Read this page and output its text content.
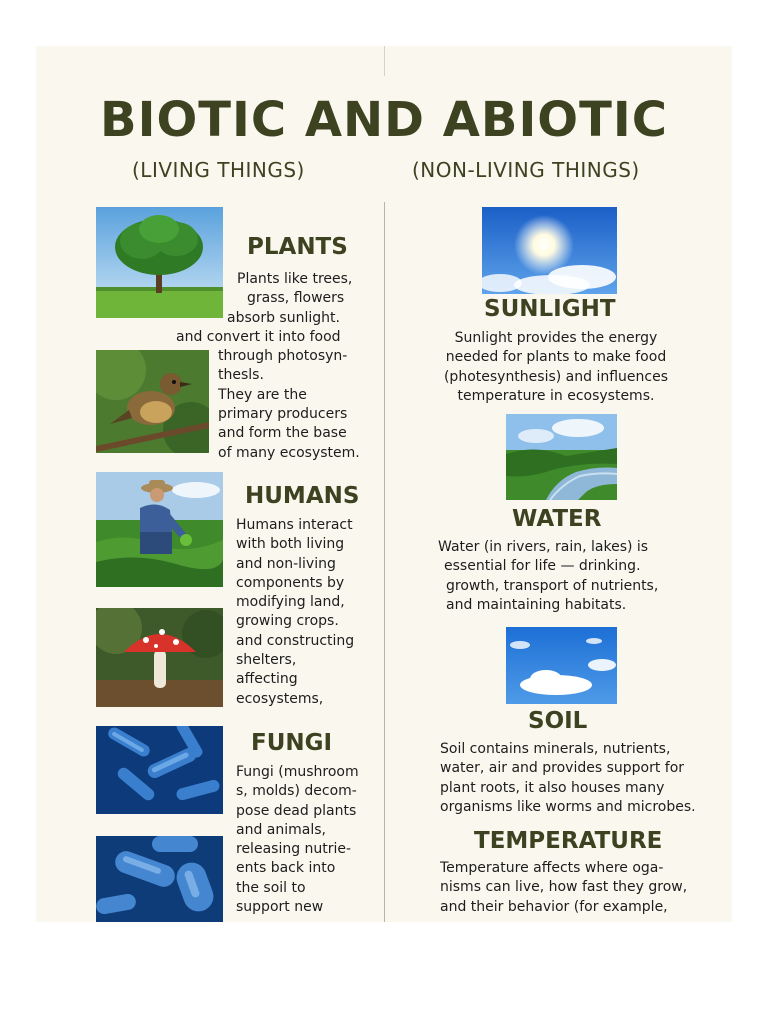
BIOTIC AND ABIOTIC
(LIVING THINGS)	(NON-LIVING THINGS)
PLANTS
Plants like trees,
grass, flowers
absorb sunlight.
and convert it into food
through photosyn-
thesls.
They are the
primary producers
and form the base
of many ecosystem.
HUMANS
Humans interact
with both living
and non-living
components by
modifying land,
growing crops.
and constructing
shelters,
affecting
ecosystems,
FUNGI
Fungi (mushroom
s, molds) decom-
pose dead plants
and animals,
releasing nutrie-
ents back into
the soil to
support new
SUNLIGHT
Sunlight provides the energy
needed for plants to make food
(photesynthesis) and influences
temperature in ecosystems.
WATER
Water (in rivers, rain, lakes) is
essential for life — drinking.
growth, transport of nutrients,
and maintaining habitats.
SOIL
Soil contains minerals, nutrients,
water, air and provides support for
plant roots, it also houses many
organisms like worms and microbes.
TEMPERATURE
Temperature affects where oga-
nisms can live, how fast they grow,
and their behavior (for example,
